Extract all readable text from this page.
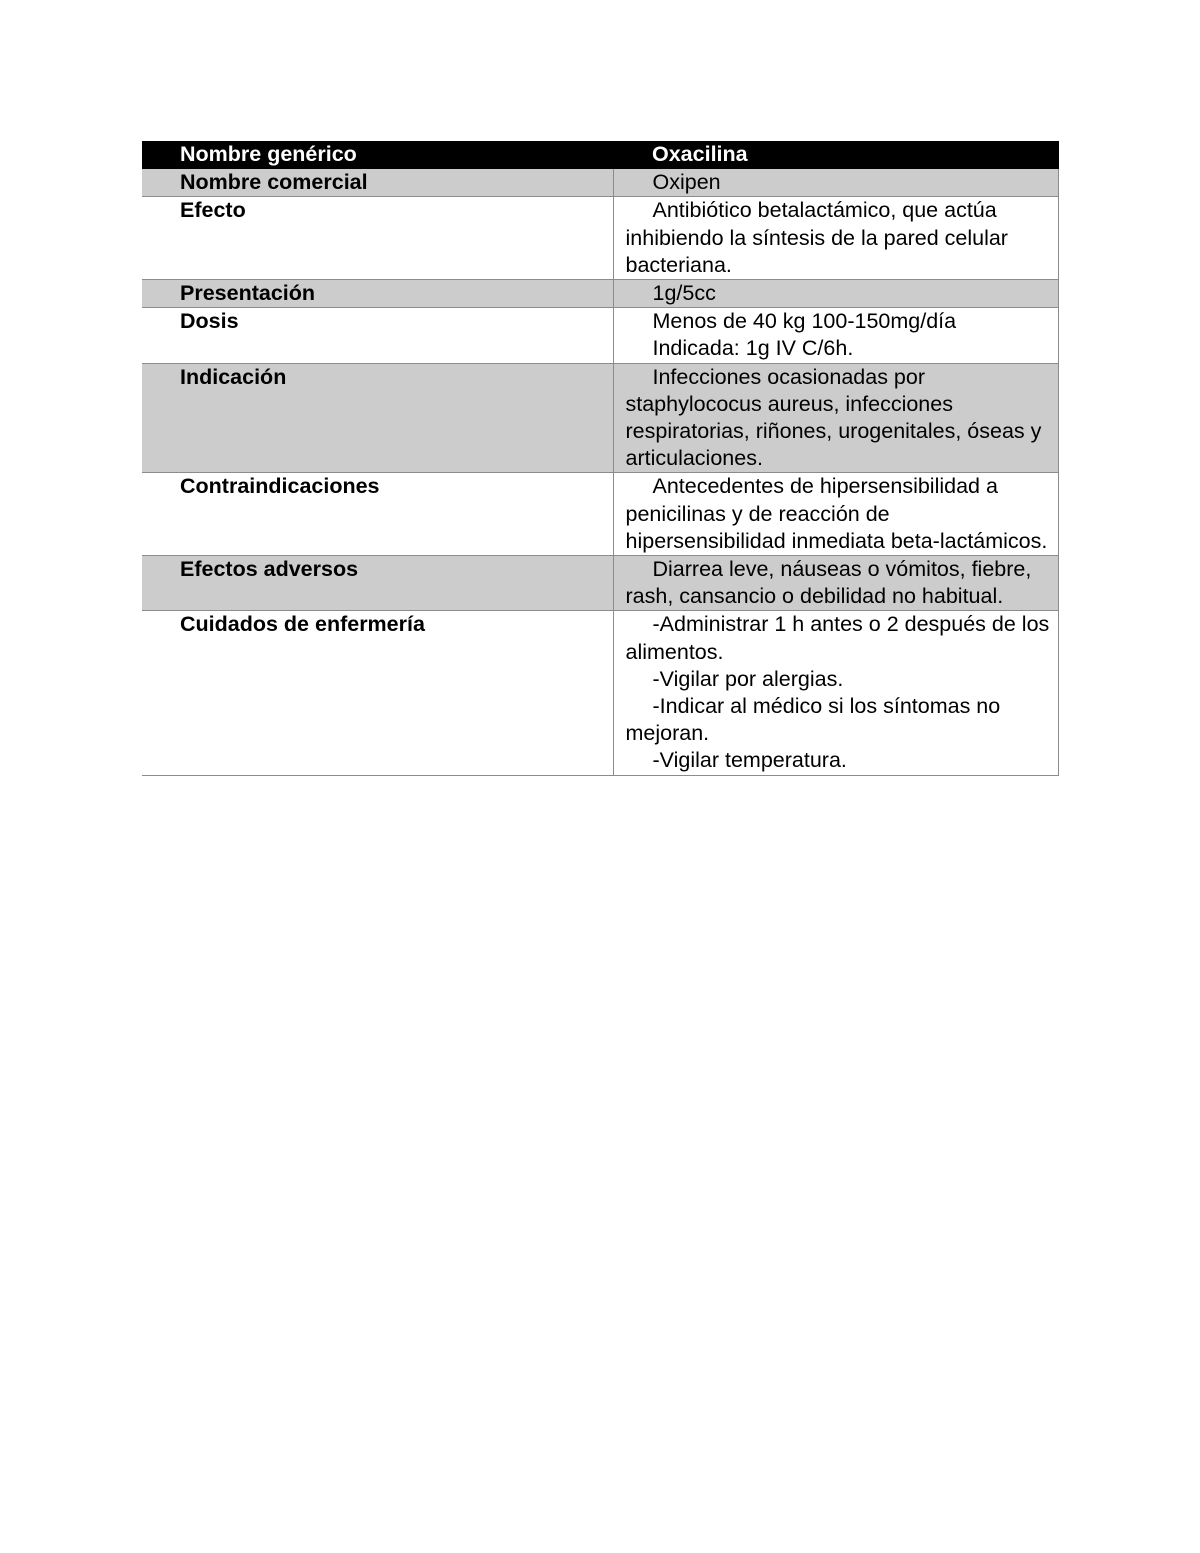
Nombre genérico	Oxacilina

Nombre comercial	Oxipen

Efecto	Antibiótico betalactámico, que actúa inhibiendo la síntesis de la pared celular bacteriana.

Presentación	1g/5cc

Dosis	Menos de 40 kg 100-150mg/día
Indicada: 1g IV C/6h.

Indicación	Infecciones ocasionadas por staphylococus aureus, infecciones respiratorias, riñones, urogenitales, óseas y articulaciones.

Contraindicaciones	Antecedentes de hipersensibilidad a penicilinas y de reacción de hipersensibilidad inmediata beta-lactámicos.

Efectos adversos	Diarrea leve, náuseas o vómitos, fiebre, rash, cansancio o debilidad no habitual.

Cuidados de enfermería	-Administrar 1 h antes o 2 después de los alimentos.
-Vigilar por alergias.
-Indicar al médico si los síntomas no mejoran.
-Vigilar temperatura.
